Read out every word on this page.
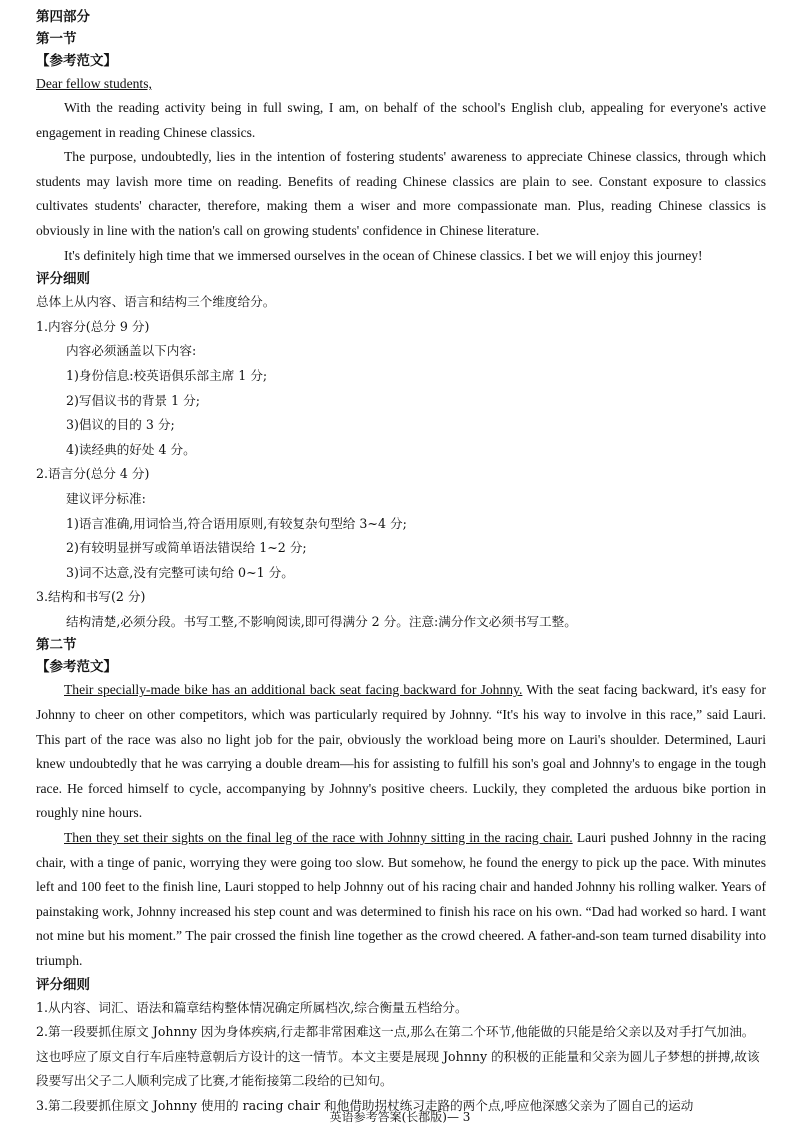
第四部分

第一节

【参考范文】

Dear fellow students,

With the reading activity being in full swing, I am, on behalf of the school's English club, appealing for everyone's active engagement in reading Chinese classics.

The purpose, undoubtedly, lies in the intention of fostering students' awareness to appreciate Chinese classics, through which students may lavish more time on reading. Benefits of reading Chinese classics are plain to see. Constant exposure to classics cultivates students' character, therefore, making them a wiser and more compassionate man. Plus, reading Chinese classics is obviously in line with the nation's call on growing students' confidence in Chinese literature.

It's definitely high time that we immersed ourselves in the ocean of Chinese classics. I bet we will enjoy this journey!

评分细则

总体上从内容、语言和结构三个维度给分。

1.内容分(总分 9 分)

内容必须涵盖以下内容:

1)身份信息:校英语俱乐部主席 1 分;

2)写倡议书的背景 1 分;

3)倡议的目的 3 分;

4)读经典的好处 4 分。

2.语言分(总分 4 分)

建议评分标准:

1)语言准确,用词恰当,符合语用原则,有较复杂句型给 3~4 分;

2)有较明显拼写或简单语法错误给 1~2 分;

3)词不达意,没有完整可读句给 0~1 分。

3.结构和书写(2 分)

结构清楚,必须分段。书写工整,不影响阅读,即可得满分 2 分。注意:满分作文必须书写工整。

第二节

【参考范文】

Their specially-made bike has an additional back seat facing backward for Johnny. With the seat facing backward, it's easy for Johnny to cheer on other competitors, which was particularly required by Johnny. “It's his way to involve in this race,” said Lauri. This part of the race was also no light job for the pair, obviously the workload being more on Lauri's shoulder. Determined, Lauri knew undoubtedly that he was carrying a double dream—his for assisting to fulfill his son's goal and Johnny's to engage in the tough race. He forced himself to cycle, accompanying by Johnny's positive cheers. Luckily, they completed the arduous bike portion in roughly nine hours.

Then they set their sights on the final leg of the race with Johnny sitting in the racing chair. Lauri pushed Johnny in the racing chair, with a tinge of panic, worrying they were going too slow. But somehow, he found the energy to pick up the pace. With minutes left and 100 feet to the finish line, Lauri stopped to help Johnny out of his racing chair and handed Johnny his rolling walker. Years of painstaking work, Johnny increased his step count and was determined to finish his race on his own. “Dad had worked so hard. I want not mine but his moment.” The pair crossed the finish line together as the crowd cheered. A father-and-son team turned disability into triumph.

评分细则

1.从内容、词汇、语法和篇章结构整体情况确定所属档次,综合衡量五档给分。

2.第一段要抓住原文 Johnny 因为身体疾病,行走都非常困难这一点,那么在第二个环节,他能做的只能是给父亲以及对手打气加油。这也呼应了原文自行车后座特意朝后方设计的这一情节。本文主要是展现 Johnny 的积极的正能量和父亲为圆儿子梦想的拼搏,故该段要写出父子二人顺利完成了比赛,才能衔接第二段给的已知句。

3.第二段要抓住原文 Johnny 使用的 racing chair 和他借助拐杖练习走路的两个点,呼应他深感父亲为了圆自己的运动

英语参考答案(长郡版)— 3
